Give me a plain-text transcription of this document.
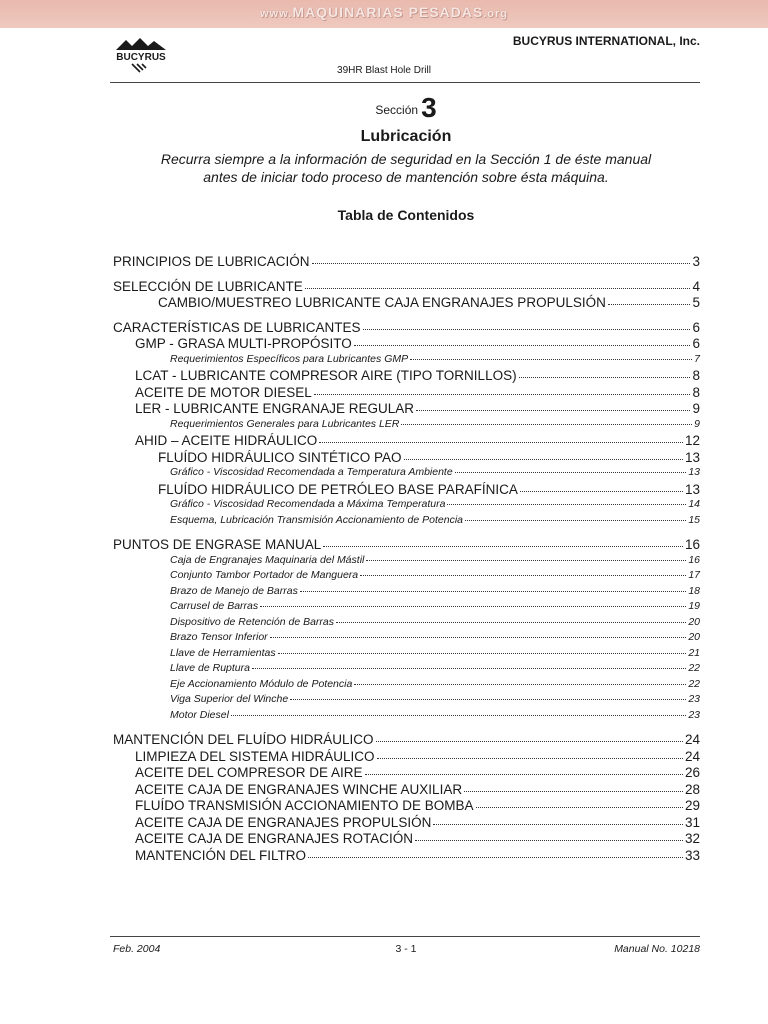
www.MAQUINARIAS PESADAS.org
BUCYRUS
BUCYRUS INTERNATIONAL, Inc.
39HR Blast Hole Drill
Sección 3
Lubricación
Recurra siempre a la información de seguridad en la Sección 1 de éste manual antes de iniciar todo proceso de mantención sobre ésta máquina.
Tabla de Contenidos
PRINCIPIOS DE LUBRICACIÓN	3
SELECCIÓN DE LUBRICANTE	4
CAMBIO/MUESTREO LUBRICANTE CAJA ENGRANAJES PROPULSIÓN	5
CARACTERÍSTICAS DE LUBRICANTES	6
GMP - GRASA MULTI-PROPÓSITO	6
Requerimientos Específicos para Lubricantes GMP	7
LCAT - LUBRICANTE COMPRESOR AIRE (TIPO TORNILLOS)	8
ACEITE DE MOTOR DIESEL	8
LER - LUBRICANTE ENGRANAJE REGULAR	9
Requerimientos Generales para Lubricantes LER	9
AHID – ACEITE HIDRÁULICO	12
FLUÍDO HIDRÁULICO SINTÉTICO PAO	13
Gráfico - Viscosidad Recomendada a Temperatura Ambiente	13
FLUÍDO HIDRÁULICO DE PETRÓLEO BASE PARAFÍNICA	13
Gráfico - Viscosidad Recomendada a Máxima Temperatura	14
Esquema, Lubricación Transmisión Accionamiento de Potencia	15
PUNTOS DE ENGRASE MANUAL	16
Caja de Engranajes Maquinaria del Mástil	16
Conjunto Tambor Portador de Manguera	17
Brazo de Manejo de Barras	18
Carrusel de Barras	19
Dispositivo de Retención de Barras	20
Brazo Tensor Inferior	20
Llave de Herramientas	21
Llave de Ruptura	22
Eje Accionamiento Módulo de Potencia	22
Viga Superior del Winche	23
Motor Diesel	23
MANTENCIÓN DEL FLUÍDO HIDRÁULICO	24
LIMPIEZA DEL SISTEMA HIDRÁULICO	24
ACEITE DEL COMPRESOR DE AIRE	26
ACEITE CAJA DE ENGRANAJES WINCHE AUXILIAR	28
FLUÍDO TRANSMISIÓN ACCIONAMIENTO DE BOMBA	29
ACEITE CAJA DE ENGRANAJES PROPULSIÓN	31
ACEITE CAJA DE ENGRANAJES ROTACIÓN	32
MANTENCIÓN DEL FILTRO	33
Feb. 2004	3 - 1	Manual No. 10218
